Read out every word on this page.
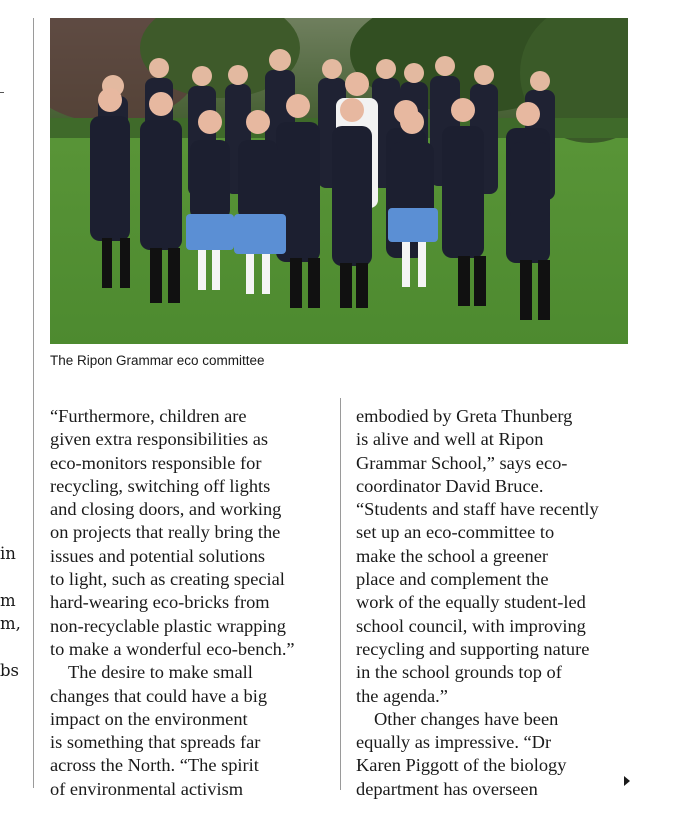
in
m
m,
bs
The Ripon Grammar eco committee
“Furthermore, children are
given extra responsibilities as
eco-monitors responsible for
recycling, switching off lights
and closing doors, and working
on projects that really bring the
issues and potential solutions
to light, such as creating special
hard-wearing eco-bricks from
non-recyclable plastic wrapping
to make a wonderful eco-bench.”
The desire to make small
changes that could have a big
impact on the environment
is something that spreads far
across the North. “The spirit
of environmental activism
embodied by Greta Thunberg
is alive and well at Ripon
Grammar School,” says eco-
coordinator David Bruce.
“Students and staff have recently
set up an eco-committee to
make the school a greener
place and complement the
work of the equally student-led
school council, with improving
recycling and supporting nature
in the school grounds top of
the agenda.”
Other changes have been
equally as impressive. “Dr
Karen Piggott of the biology
department has overseen
